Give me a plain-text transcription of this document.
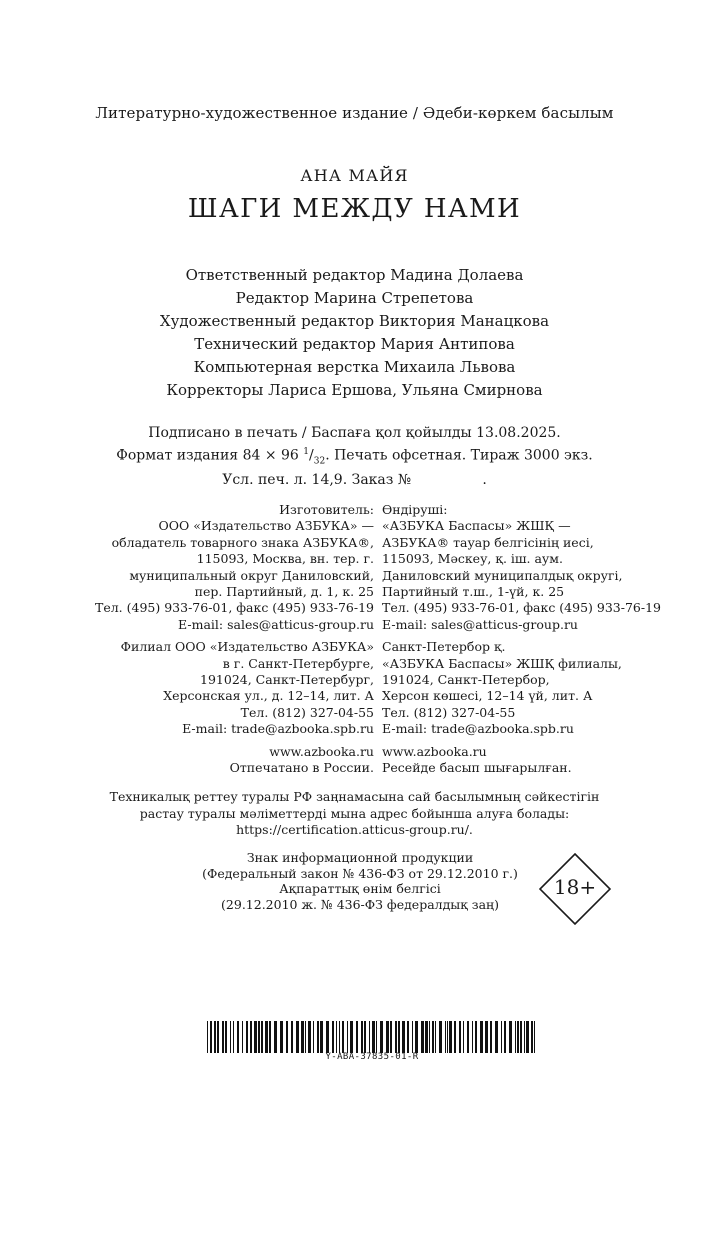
Литературно-художественное издание / Әдеби-көркем басылым
АНА МАЙЯ
ШАГИ МЕЖДУ НАМИ
Ответственный редактор Мадина Долаева
Редактор Марина Стрепетова
Художественный редактор Виктория Манацкова
Технический редактор Мария Антипова
Компьютерная верстка Михаила Львова
Корректоры Лариса Ершова, Ульяна Смирнова
Подписано в печать / Баспаға қол қойылды 13.08.2025.
Формат издания 84 × 96 $^1/_{32}$. Печать офсетная. Тираж 3000 экз.
Усл. печ. л. 14,9. Заказ №                .
Изготовитель:
ООО «Издательство АЗБУКА» —
обладатель товарного знака АЗБУКА®,
115093, Москва, вн. тер. г.
муниципальный округ Даниловский,
пер. Партийный, д. 1, к. 25
Тел. (495) 933-76-01, факс (495) 933-76-19
E-mail: sales@atticus-group.ru
Филиал ООО «Издательство АЗБУКА»
в г. Санкт-Петербурге,
191024, Санкт-Петербург,
Херсонская ул., д. 12–14, лит. А
Тел. (812) 327-04-55
E-mail: trade@azbooka.spb.ru
www.azbooka.ru
Отпечатано в России.
Өндіруші:
«АЗБУКА Баспасы» ЖШҚ —
АЗБУКА® тауар белгісінің иесі,
115093, Мәскеу, қ. іш. аум.
Даниловский муниципалдық округі,
Партийный т.ш., 1-үй, к. 25
Тел. (495) 933-76-01, факс (495) 933-76-19
E-mail: sales@atticus-group.ru
Санкт-Петербор қ.
«АЗБУКА Баспасы» ЖШҚ филиалы,
191024, Санкт-Петербор,
Херсон көшесі, 12–14 үй, лит. А
Тел. (812) 327-04-55
E-mail: trade@azbooka.spb.ru
www.azbooka.ru
Ресейде басып шығарылған.
Техникалық реттеу туралы РФ заңнамасына сай басылымның сәйкестігін
растау туралы мәліметтерді мына адрес бойынша алуға болады:
https://certification.atticus-group.ru/.
Знак информационной продукции
(Федеральный закон № 436-ФЗ от 29.12.2010 г.)
Ақпараттық өнім белгісі
(29.12.2010 ж. № 436-ФЗ федералдық заң)
18+
Y-ABA-37835-01-R
